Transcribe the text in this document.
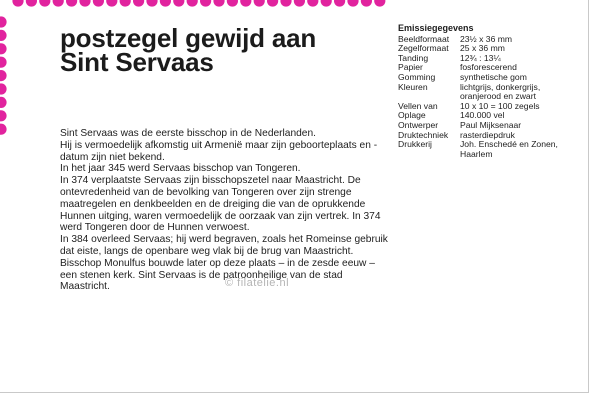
postzegel gewijd aan
Sint Servaas

Sint Servaas was de eerste bisschop in de Nederlanden.

Hij is vermoedelijk afkomstig uit Armenië maar zijn geboorteplaats en -datum zijn niet bekend.

In het jaar 345 werd Servaas bisschop van Tongeren.

In 374 verplaatste Servaas zijn bisschopszetel naar Maastricht. De ontevredenheid van de bevolking van Tongeren over zijn strenge maatregelen en denkbeelden en de dreiging die van de oprukkende Hunnen uitging, waren vermoedelijk de oorzaak van zijn vertrek. In 374 werd Tongeren door de Hunnen verwoest.

In 384 overleed Servaas; hij werd begraven, zoals het Romeinse gebruik dat eiste, langs de openbare weg vlak bij de brug van Maastricht.

Bisschop Monulfus bouwde later op deze plaats – in de zesde eeuw – een stenen kerk. Sint Servaas is de patroonheilige van de stad Maastricht.

Emissiegegevens
Beeldformaat	23½ x 36 mm
Zegelformaat	25 x 36 mm
Tanding	12¾ : 13¼
Papier	fosforescerend
Gomming	synthetische gom
Kleuren	lichtgrijs, donkergrijs, oranjerood en zwart
Vellen van	10 x 10 = 100 zegels
Oplage	140.000 vel
Ontwerper	Paul Mijksenaar
Druktechniek	rasterdiepdruk
Drukkerij	Joh. Enschedé en Zonen, Haarlem
© filatelie.nl
